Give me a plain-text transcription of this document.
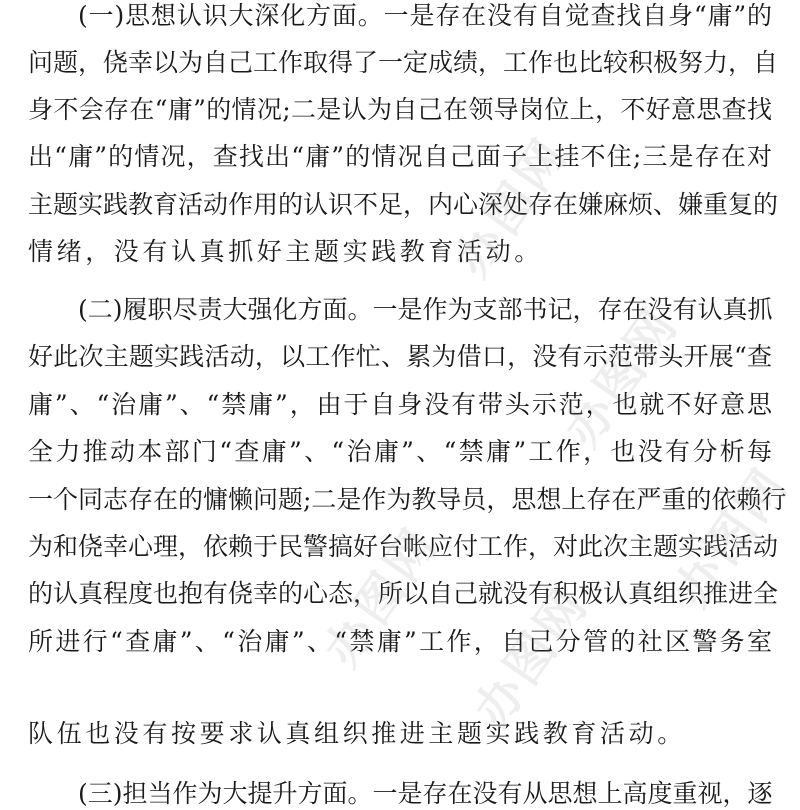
(一)思想认识大深化方面。一是存在没有自觉查找自身“庸”的
问题，侥幸以为自己工作取得了一定成绩，工作也比较积极努力，自
身不会存在“庸”的情况;二是认为自己在领导岗位上，不好意思查找
出“庸”的情况，查找出“庸”的情况自己面子上挂不住;三是存在对
主题实践教育活动作用的认识不足，内心深处存在嫌麻烦、嫌重复的
情绪，没有认真抓好主题实践教育活动。
(二)履职尽责大强化方面。一是作为支部书记，存在没有认真抓
好此次主题实践活动，以工作忙、累为借口，没有示范带头开展“查
庸”、“治庸”、“禁庸”，由于自身没有带头示范，也就不好意思
全力推动本部门“查庸”、“治庸”、“禁庸”工作，也没有分析每
一个同志存在的慵懒问题;二是作为教导员，思想上存在严重的依赖行
为和侥幸心理，依赖于民警搞好台帐应付工作，对此次主题实践活动
的认真程度也抱有侥幸的心态，所以自己就没有积极认真组织推进全
所进行“查庸”、“治庸”、“禁庸”工作，自己分管的社区警务室
队伍也没有按要求认真组织推进主题实践教育活动。
(三)担当作为大提升方面。一是存在没有从思想上高度重视，逐
办图网
办图网
办图网
办图网 办图网
